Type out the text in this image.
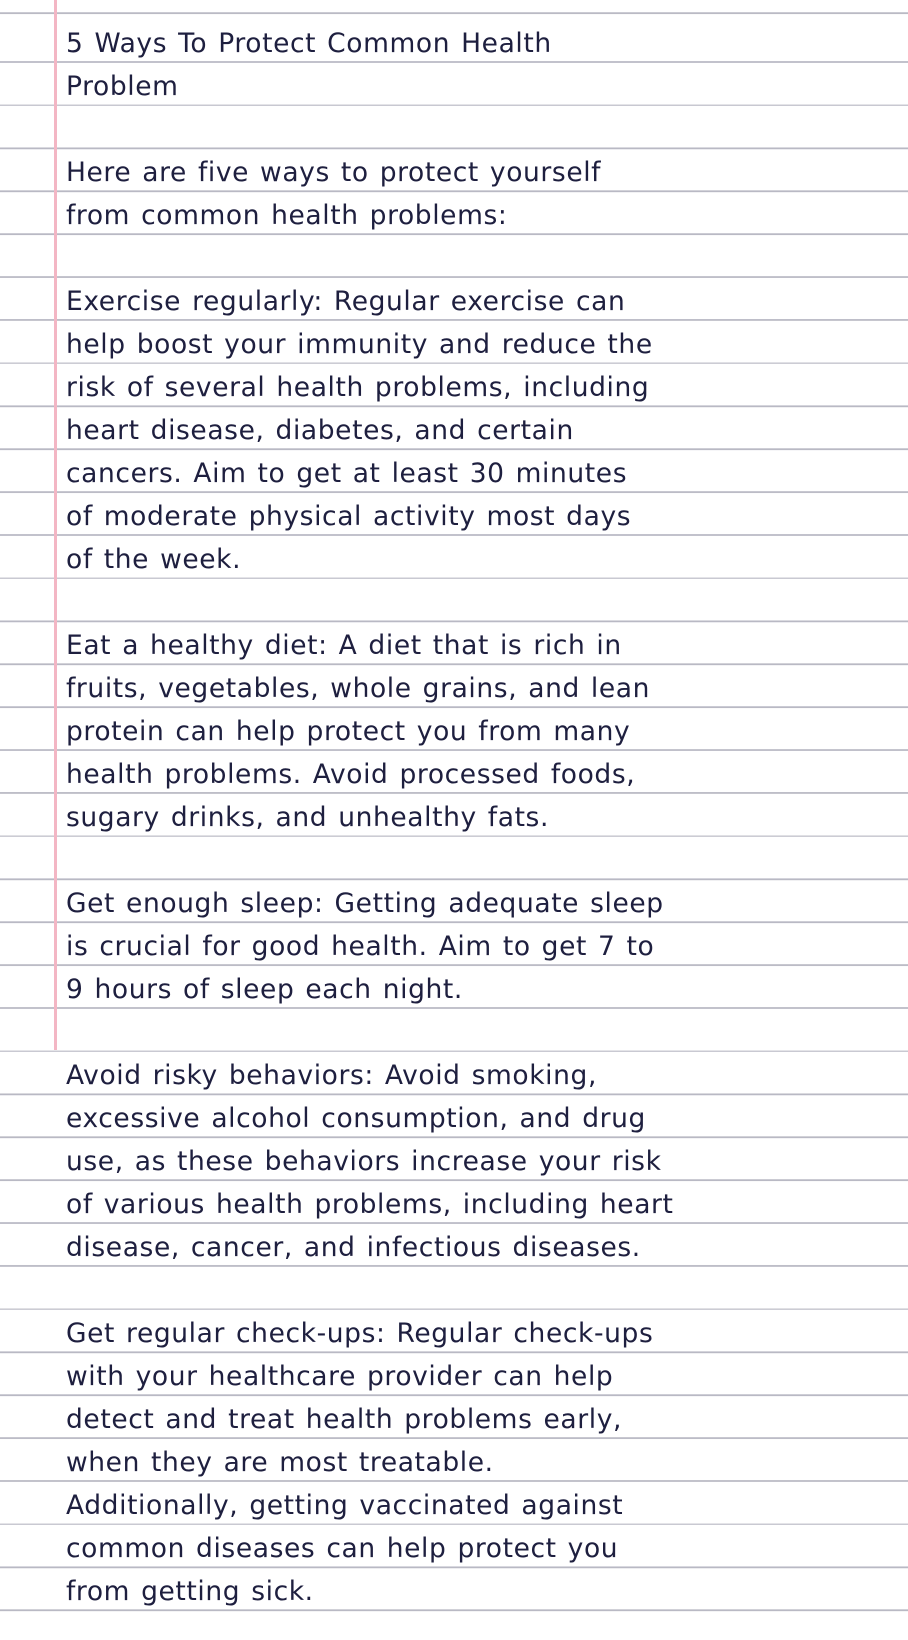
5 Ways To Protect Common Health
Problem
Here are five ways to protect yourself
from common health problems:
Exercise regularly: Regular exercise can
help boost your immunity and reduce the
risk of several health problems, including
heart disease, diabetes, and certain
cancers. Aim to get at least 30 minutes
of moderate physical activity most days
of the week.
Eat a healthy diet: A diet that is rich in
fruits, vegetables, whole grains, and lean
protein can help protect you from many
health problems. Avoid processed foods,
sugary drinks, and unhealthy fats.
Get enough sleep: Getting adequate sleep
is crucial for good health. Aim to get 7 to
9 hours of sleep each night.
Avoid risky behaviors: Avoid smoking,
excessive alcohol consumption, and drug
use, as these behaviors increase your risk
of various health problems, including heart
disease, cancer, and infectious diseases.
Get regular check-ups: Regular check-ups
with your healthcare provider can help
detect and treat health problems early,
when they are most treatable.
Additionally, getting vaccinated against
common diseases can help protect you
from getting sick.
